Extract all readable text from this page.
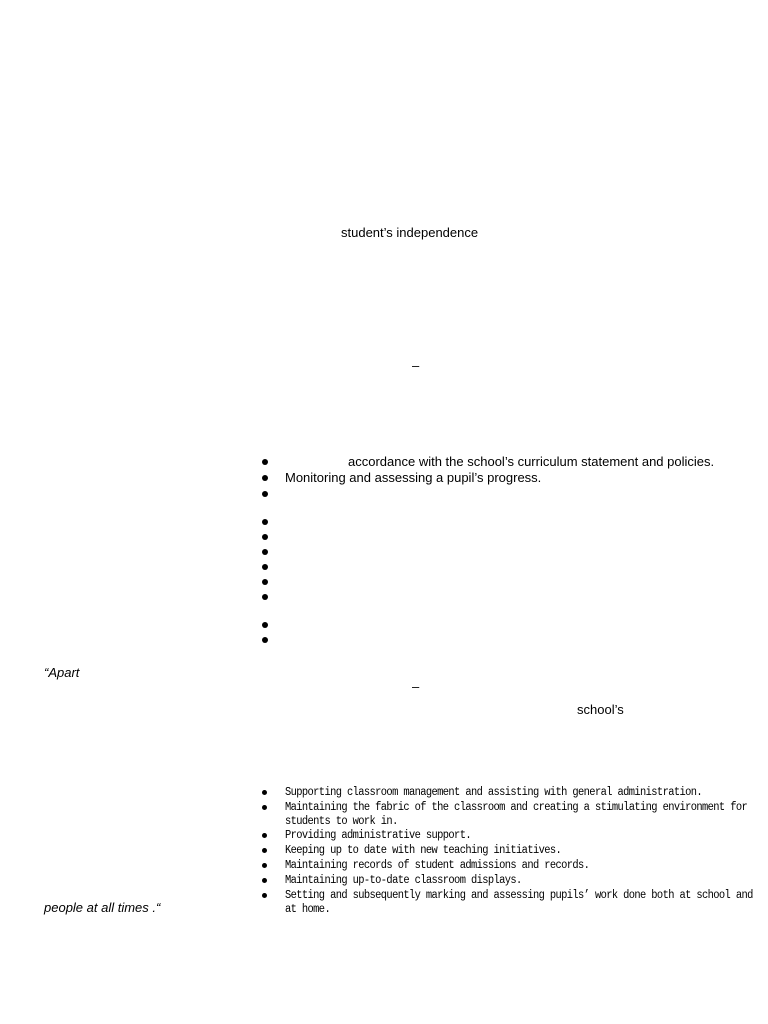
student’s independence
–
accordance with the school’s curriculum statement and policies.
Monitoring and assessing a pupil’s progress.
“Apart
–
school’s
Supporting classroom management and assisting with general administration.
Maintaining the fabric of the classroom and creating a stimulating environment for
students to work in.
Providing administrative support.
Keeping up to date with new teaching initiatives.
Maintaining records of student admissions and records.
Maintaining up-to-date classroom displays.
Setting and subsequently marking and assessing pupils’ work done both at school and
at home.
people at all times .“
